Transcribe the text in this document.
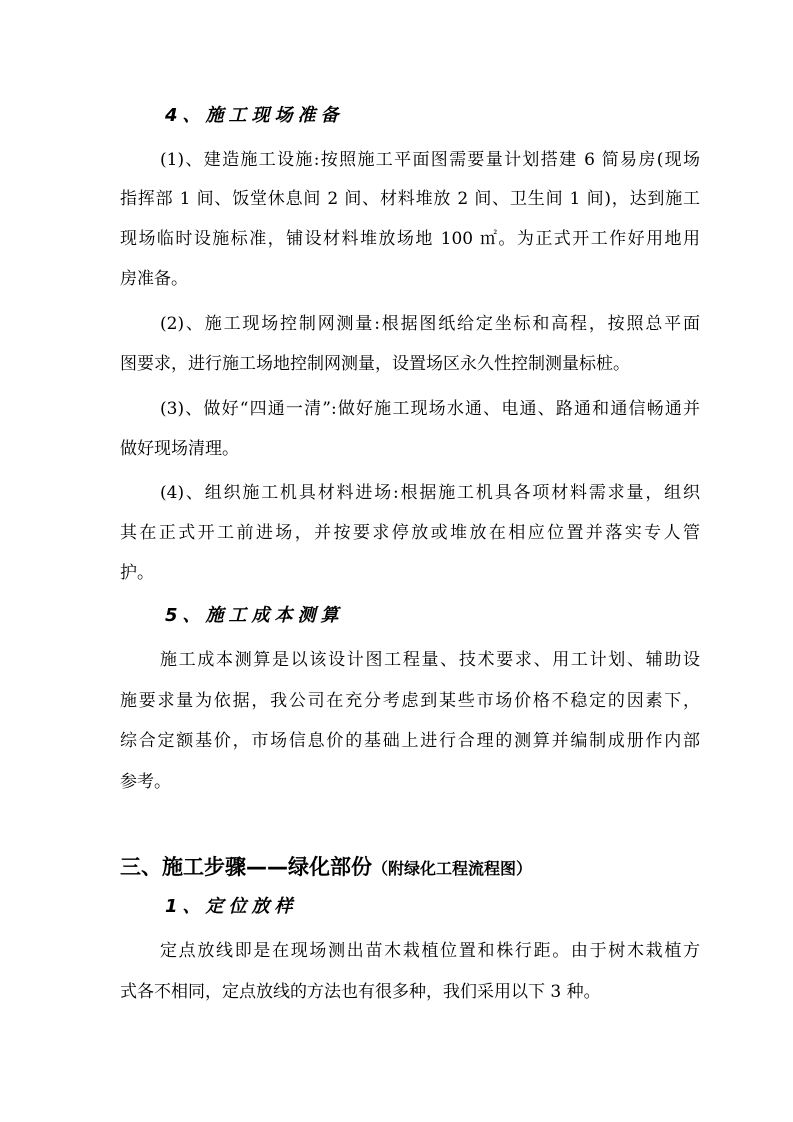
4、施工现场准备
(1)、建造施工设施:按照施工平面图需要量计划搭建 6 简易房(现场
指挥部 1 间、饭堂休息间 2 间、材料堆放 2 间、卫生间 1 间)，达到施工
现场临时设施标准，铺设材料堆放场地 100 ㎡。为正式开工作好用地用
房准备。
(2)、施工现场控制网测量:根据图纸给定坐标和高程，按照总平面
图要求，进行施工场地控制网测量，设置场区永久性控制测量标桩。
(3)、做好“四通一清”:做好施工现场水通、电通、路通和通信畅通并
做好现场清理。
(4)、组织施工机具材料进场:根据施工机具各项材料需求量，组织
其在正式开工前进场，并按要求停放或堆放在相应位置并落实专人管
护。
5、施工成本测算
施工成本测算是以该设计图工程量、技术要求、用工计划、辅助设
施要求量为依据，我公司在充分考虑到某些市场价格不稳定的因素下，
综合定额基价，市场信息价的基础上进行合理的测算并编制成册作内部
参考。
三、施工步骤——绿化部份（附绿化工程流程图）
1、定位放样
定点放线即是在现场测出苗木栽植位置和株行距。由于树木栽植方
式各不相同，定点放线的方法也有很多种，我们采用以下 3 种。
